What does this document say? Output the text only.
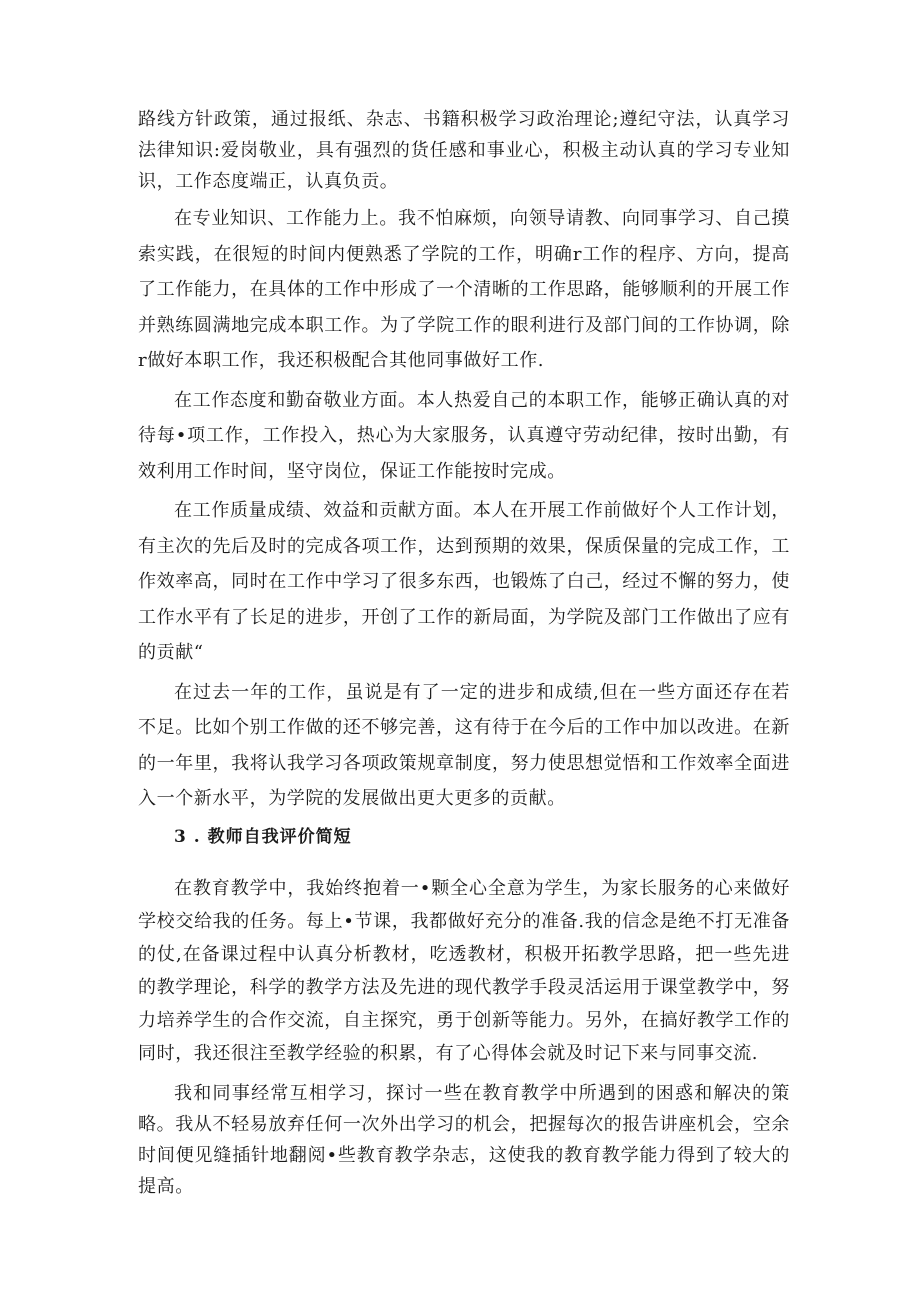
路线方针政策，通过报纸、杂志、书籍积极学习政治理论;遵纪守法，认真学习法律知识:爱岗敬业，具有强烈的货任感和事业心，积极主动认真的学习专业知识，工作态度端正，认真负贡。

在专业知识、工作能力上。我不怕麻烦，向领导请教、向同事学习、自己摸索实践，在很短的时间内便熟悉了学院的工作，明确r工作的程序、方向，提高了工作能力，在具体的工作中形成了一个清晰的工作思路，能够顺利的开展工作并熟练圆满地完成本职工作。为了学院工作的眼利进行及部门间的工作协调，除r做好本职工作，我还积极配合其他同事做好工作.

在工作态度和勤奋敬业方面。本人热爱自己的本职工作，能够正确认真的对待每•项工作，工作投入，热心为大家服务，认真遵守劳动纪律，按时出勤，有效利用工作时间，坚守岗位，保证工作能按时完成。

在工作质量成绩、效益和贡献方面。本人在开展工作前做好个人工作计划，有主次的先后及时的完成各项工作，达到预期的效果，保质保量的完成工作，工作效率高，同时在工作中学习了很多东西，也锻炼了白己，经过不懈的努力，使工作水平有了长足的进步，开创了工作的新局面，为学院及部门工作做出了应有的贡献“

在过去一年的工作，虽说是有了一定的进步和成绩,但在一些方面还存在若不足。比如个别工作做的还不够完善，这有待于在今后的工作中加以改进。在新的一年里，我将认我学习各项政策规章制度，努力使思想觉悟和工作效率全面进入一个新水平，为学院的发展做出更大更多的贡献。

3 . 教师自我评价简短

在教育教学中，我始终抱着一•颗全心全意为学生，为家长服务的心来做好学校交给我的任务。每上•节课，我都做好充分的准备.我的信念是绝不打无准备的仗,在备课过程中认真分析教材，吃透教材，积极开拓教学思路，把一些先进的教学理论，科学的教学方法及先进的现代教学手段灵活运用于课堂教学中，努力培养学生的合作交流，自主探究，勇于创新等能力。另外，在搞好教学工作的同时，我还很注至教学经验的积累，有了心得体会就及时记下来与同事交流.

我和同事经常互相学习，探讨一些在教育教学中所遇到的困惑和解决的策略。我从不轻易放弃任何一次外出学习的机会，把握每次的报告讲座机会，空余时间便见缝插针地翻阅•些教育教学杂志，这使我的教育教学能力得到了较大的提高。
